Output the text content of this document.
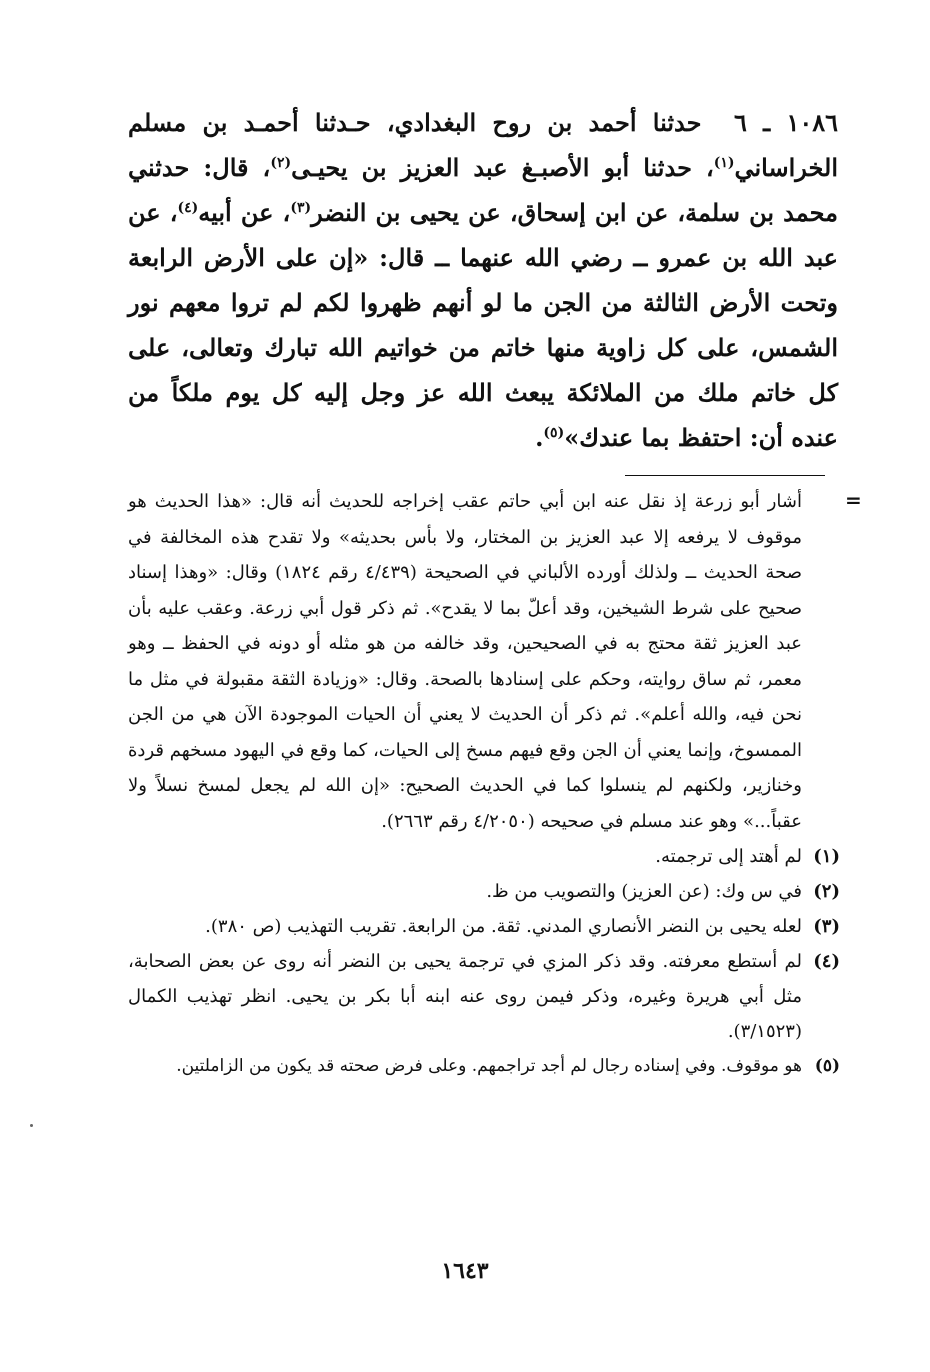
١٠٨٦ ـ ٦  حدثنا أحمد بن روح البغدادي، حـدثنا أحمـد بن مسلم الخراساني$^{(١)}$، حدثنا أبو الأصبـغ عبد العزيز بن يحيـى$^{(٢)}$، قال: حدثني محمد بن سلمة، عن ابن إسحاق، عن يحيى بن النضر$^{(٣)}$، عن أبيه$^{(٤)}$، عن عبد الله بن عمرو ــ رضي الله عنهما ــ قال: «إن على الأرض الرابعة وتحت الأرض الثالثة من الجن ما لو أنهم ظهروا لكم لم تروا معهم نور الشمس، على كل زاوية منها خاتم من خواتيم الله تبارك وتعالى، على كل خاتم ملك من الملائكة يبعث الله عز وجل إليه كل يوم ملكاً من عنده أن: احتفظ بما عندك»$^{(٥)}$.
=

أشار أبو زرعة إذ نقل عنه ابن أبي حاتم عقب إخراجه للحديث أنه قال: «هذا الحديث هو موقوف لا يرفعه إلا عبد العزيز بن المختار، ولا بأس بحديثه» ولا تقدح هذه المخالفة في صحة الحديث ــ ولذلك أورده الألباني في الصحيحة (٤/٤٣٩ رقم ١٨٢٤) وقال: «وهذا إسناد صحيح على شرط الشيخين، وقد أعلّ بما لا يقدح». ثم ذكر قول أبي زرعة. وعقب عليه بأن عبد العزيز ثقة محتج به في الصحيحين، وقد خالفه من هو مثله أو دونه في الحفظ ــ وهو معمر، ثم ساق روايته، وحكم على إسنادها بالصحة. وقال: «وزيادة الثقة مقبولة في مثل ما نحن فيه، والله أعلم». ثم ذكر أن الحديث لا يعني أن الحيات الموجودة الآن هي من الجن الممسوخ، وإنما يعني أن الجن وقع فيهم مسخ إلى الحيات، كما وقع في اليهود مسخهم قردة وخنازير، ولكنهم لم ينسلوا كما في الحديث الصحيح: «إن الله لم يجعل لمسخ نسلاً ولا عقباً...» وهو عند مسلم في صحيحه (٤/٢٠٥٠ رقم ٢٦٦٣).

(١)
لم أهتد إلى ترجمته.
(٢)
في س وك: (عن العزيز) والتصويب من ظ.
(٣)
لعله يحيى بن النضر الأنصاري المدني. ثقة. من الرابعة. تقريب التهذيب (ص ٣٨٠).
(٤)
لم أستطع معرفته. وقد ذكر المزي في ترجمة يحيى بن النضر أنه روى عن بعض الصحابة، مثل أبي هريرة وغيره، وذكر فيمن روى عنه ابنه أبا بكر بن يحيى. انظر تهذيب الكمال (٣/١٥٢٣).
(٥)
هو موقوف. وفي إسناده رجال لم أجد تراجمهم. وعلى فرض صحته قد يكون من الزاملتين.
١٦٤٣
